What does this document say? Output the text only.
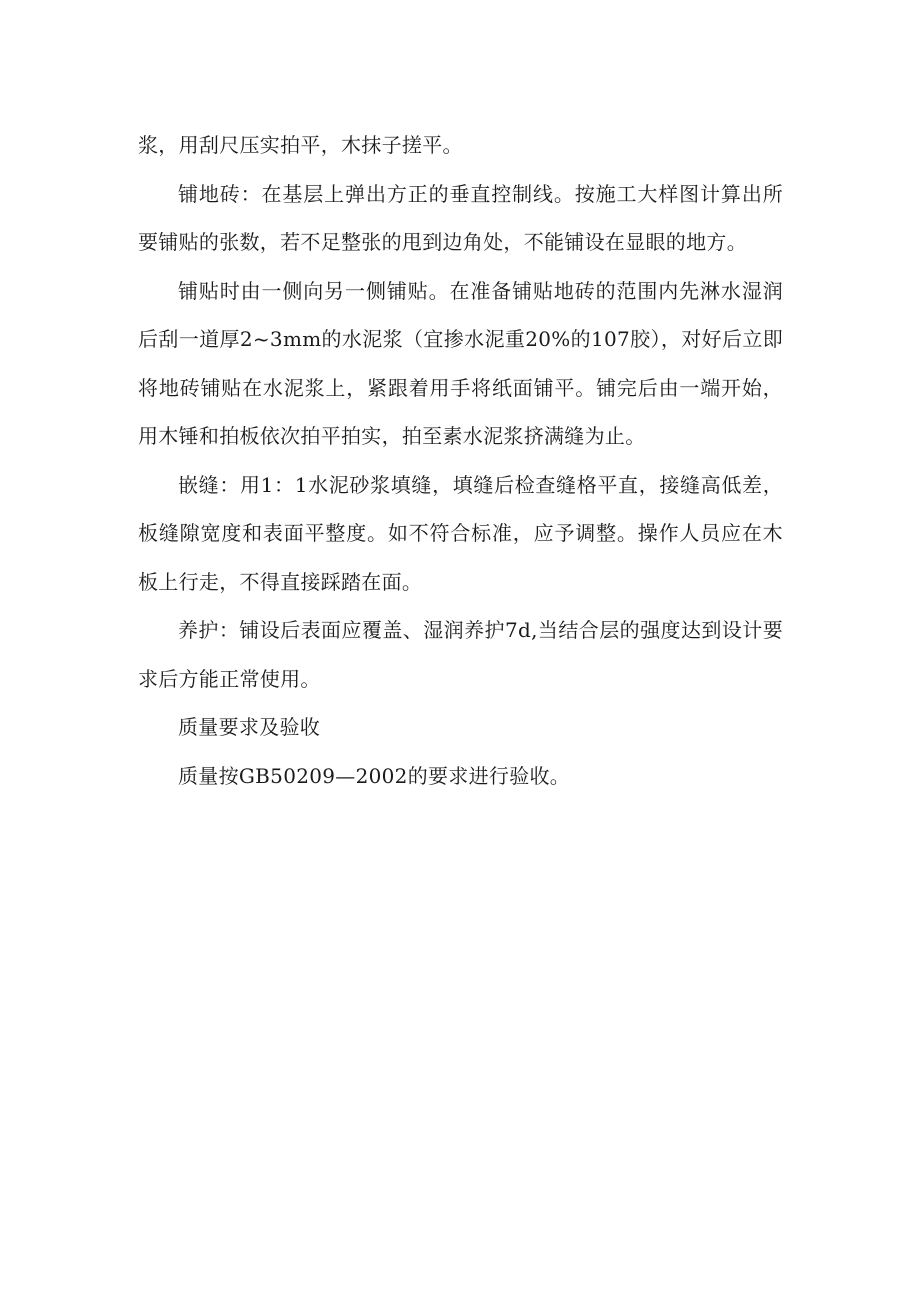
浆，用刮尺压实拍平，木抹子搓平。

铺地砖：在基层上弹出方正的垂直控制线。按施工大样图计算出所要铺贴的张数，若不足整张的甩到边角处，不能铺设在显眼的地方。

铺贴时由一侧向另一侧铺贴。在准备铺贴地砖的范围内先淋水湿润后刮一道厚2~3mm的水泥浆（宜掺水泥重20%的107胶），对好后立即将地砖铺贴在水泥浆上，紧跟着用手将纸面铺平。铺完后由一端开始，用木锤和拍板依次拍平拍实，拍至素水泥浆挤满缝为止。

嵌缝：用1：1水泥砂浆填缝，填缝后检查缝格平直，接缝高低差，板缝隙宽度和表面平整度。如不符合标准，应予调整。操作人员应在木板上行走，不得直接踩踏在面。

养护：铺设后表面应覆盖、湿润养护7d,当结合层的强度达到设计要求后方能正常使用。

质量要求及验收

质量按GB50209—2002的要求进行验收。
